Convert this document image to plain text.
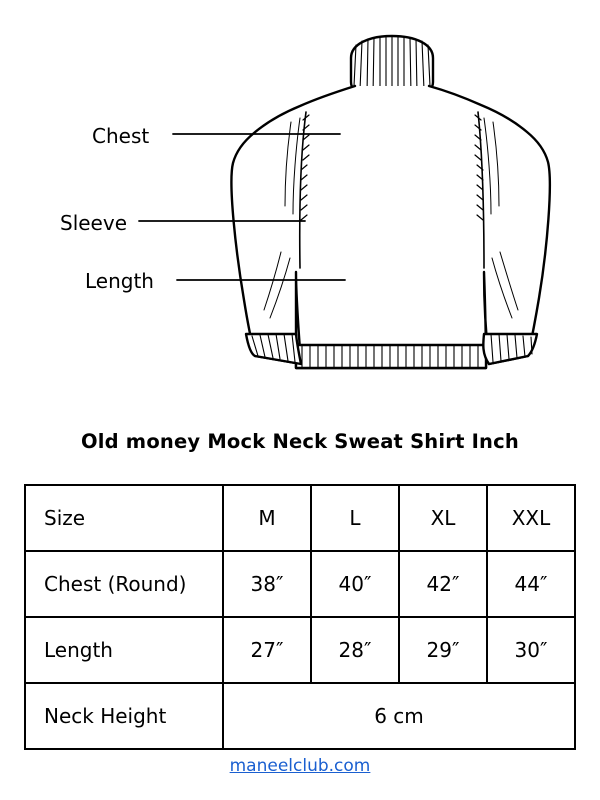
Chest
Sleeve
Length
Old money Mock Neck Sweat Shirt Inch
Size	M	L	XL	XXL
Chest (Round)	38″	40″	42″	44″
Length	27″	28″	29″	30″
Neck Height	6 cm			
maneelclub.com
